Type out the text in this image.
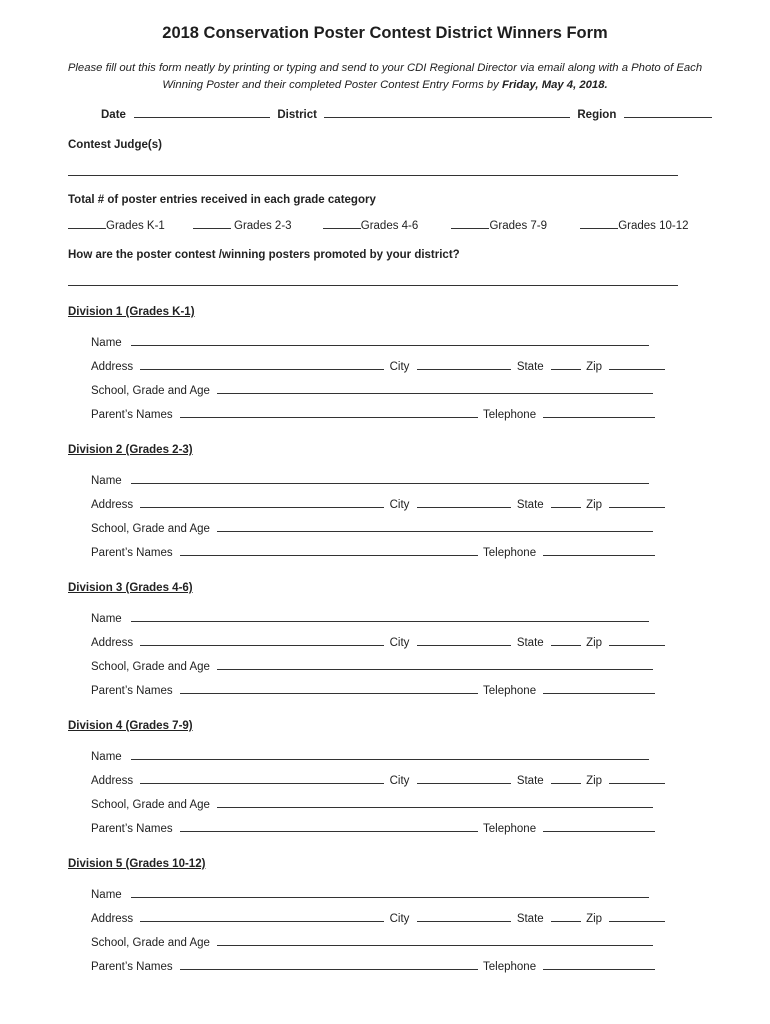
2018 Conservation Poster Contest District Winners Form
Please fill out this form neatly by printing or typing and send to your CDI Regional Director via email along with a Photo of Each Winning Poster and their completed Poster Contest Entry Forms by Friday, May 4, 2018.
Date	District	Region
Contest Judge(s)
Total # of poster entries received in each grade category
Grades K-1	Grades 2-3	Grades 4-6	Grades 7-9	Grades 10-12
How are the poster contest /winning posters promoted by your district?
Division 1 (Grades K-1)
Name
Address	City	State	Zip
School, Grade and Age
Parent’s Names	Telephone
Division 2 (Grades 2-3)
Name
Address	City	State	Zip
School, Grade and Age
Parent’s Names	Telephone
Division 3 (Grades 4-6)
Name
Address	City	State	Zip
School, Grade and Age
Parent’s Names	Telephone
Division 4 (Grades 7-9)
Name
Address	City	State	Zip
School, Grade and Age
Parent’s Names	Telephone
Division 5 (Grades 10-12)
Name
Address	City	State	Zip
School, Grade and Age
Parent’s Names	Telephone
